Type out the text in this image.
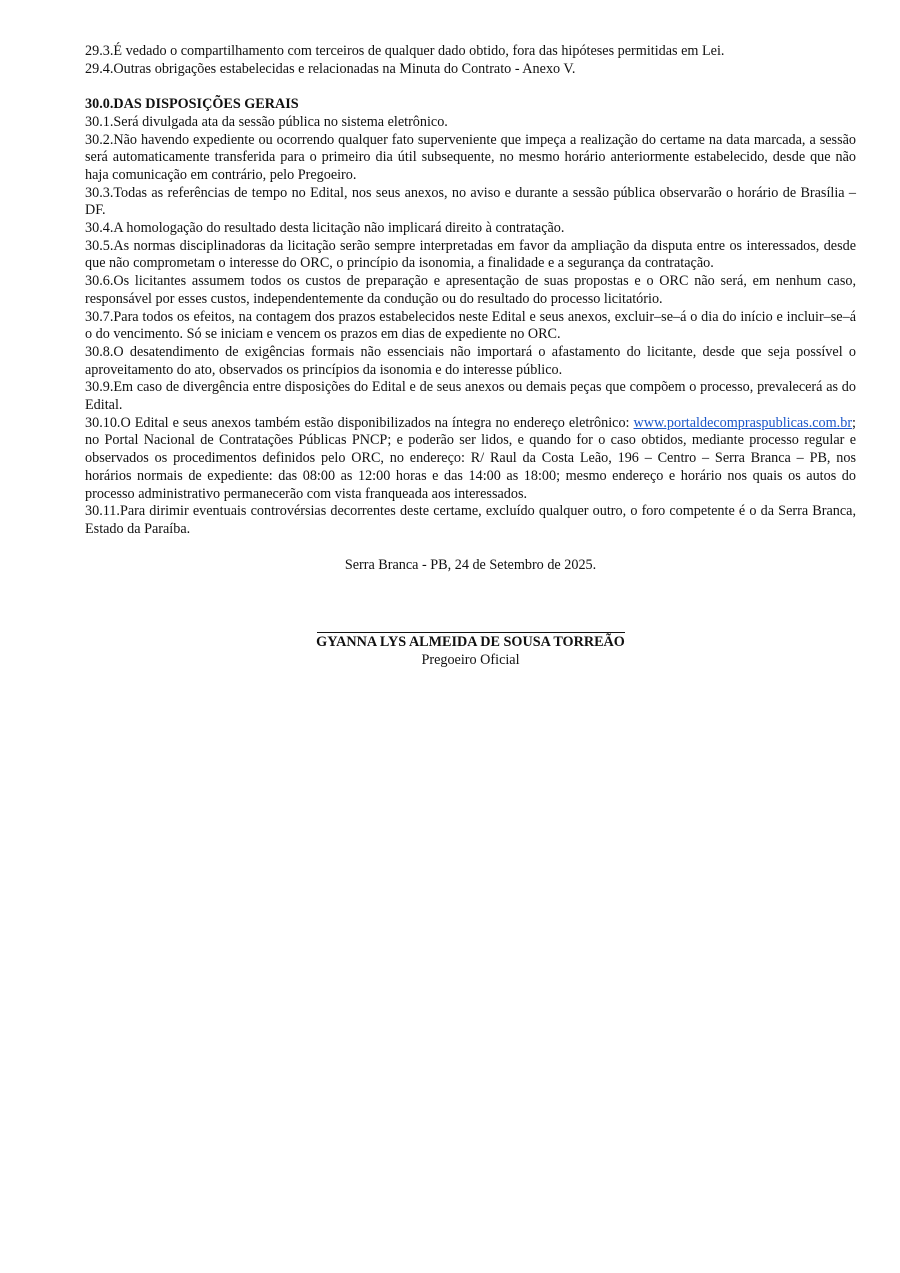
29.3.É vedado o compartilhamento com terceiros de qualquer dado obtido, fora das hipóteses permitidas em Lei.

29.4.Outras obrigações estabelecidas e relacionadas na Minuta do Contrato - Anexo V.

30.0.DAS DISPOSIÇÕES GERAIS

30.1.Será divulgada ata da sessão pública no sistema eletrônico.

30.2.Não havendo expediente ou ocorrendo qualquer fato superveniente que impeça a realização do certame na data marcada, a sessão será automaticamente transferida para o primeiro dia útil subsequente, no mesmo horário anteriormente estabelecido, desde que não haja comunicação em contrário, pelo Pregoeiro.

30.3.Todas as referências de tempo no Edital, nos seus anexos, no aviso e durante a sessão pública observarão o horário de Brasília – DF.

30.4.A homologação do resultado desta licitação não implicará direito à contratação.

30.5.As normas disciplinadoras da licitação serão sempre interpretadas em favor da ampliação da disputa entre os interessados, desde que não comprometam o interesse do ORC, o princípio da isonomia, a finalidade e a segurança da contratação.

30.6.Os licitantes assumem todos os custos de preparação e apresentação de suas propostas e o ORC não será, em nenhum caso, responsável por esses custos, independentemente da condução ou do resultado do processo licitatório.

30.7.Para todos os efeitos, na contagem dos prazos estabelecidos neste Edital e seus anexos, excluir–se–á o dia do início e incluir–se–á o do vencimento. Só se iniciam e vencem os prazos em dias de expediente no ORC.

30.8.O desatendimento de exigências formais não essenciais não importará o afastamento do licitante, desde que seja possível o aproveitamento do ato, observados os princípios da isonomia e do interesse público.

30.9.Em caso de divergência entre disposições do Edital e de seus anexos ou demais peças que compõem o processo, prevalecerá as do Edital.

30.10.O Edital e seus anexos também estão disponibilizados na íntegra no endereço eletrônico: www.portaldecompraspublicas.com.br; no Portal Nacional de Contratações Públicas PNCP; e poderão ser lidos, e quando for o caso obtidos, mediante processo regular e observados os procedimentos definidos pelo ORC, no endereço: R/ Raul da Costa Leão, 196 – Centro – Serra Branca – PB, nos horários normais de expediente: das 08:00 as 12:00 horas e das 14:00 as 18:00; mesmo endereço e horário nos quais os autos do processo administrativo permanecerão com vista franqueada aos interessados.

30.11.Para dirimir eventuais controvérsias decorrentes deste certame, excluído qualquer outro, o foro competente é o da Serra Branca, Estado da Paraíba.

Serra Branca - PB, 24 de Setembro de 2025.

GYANNA LYS ALMEIDA DE SOUSA TORREÃO

Pregoeiro Oficial
